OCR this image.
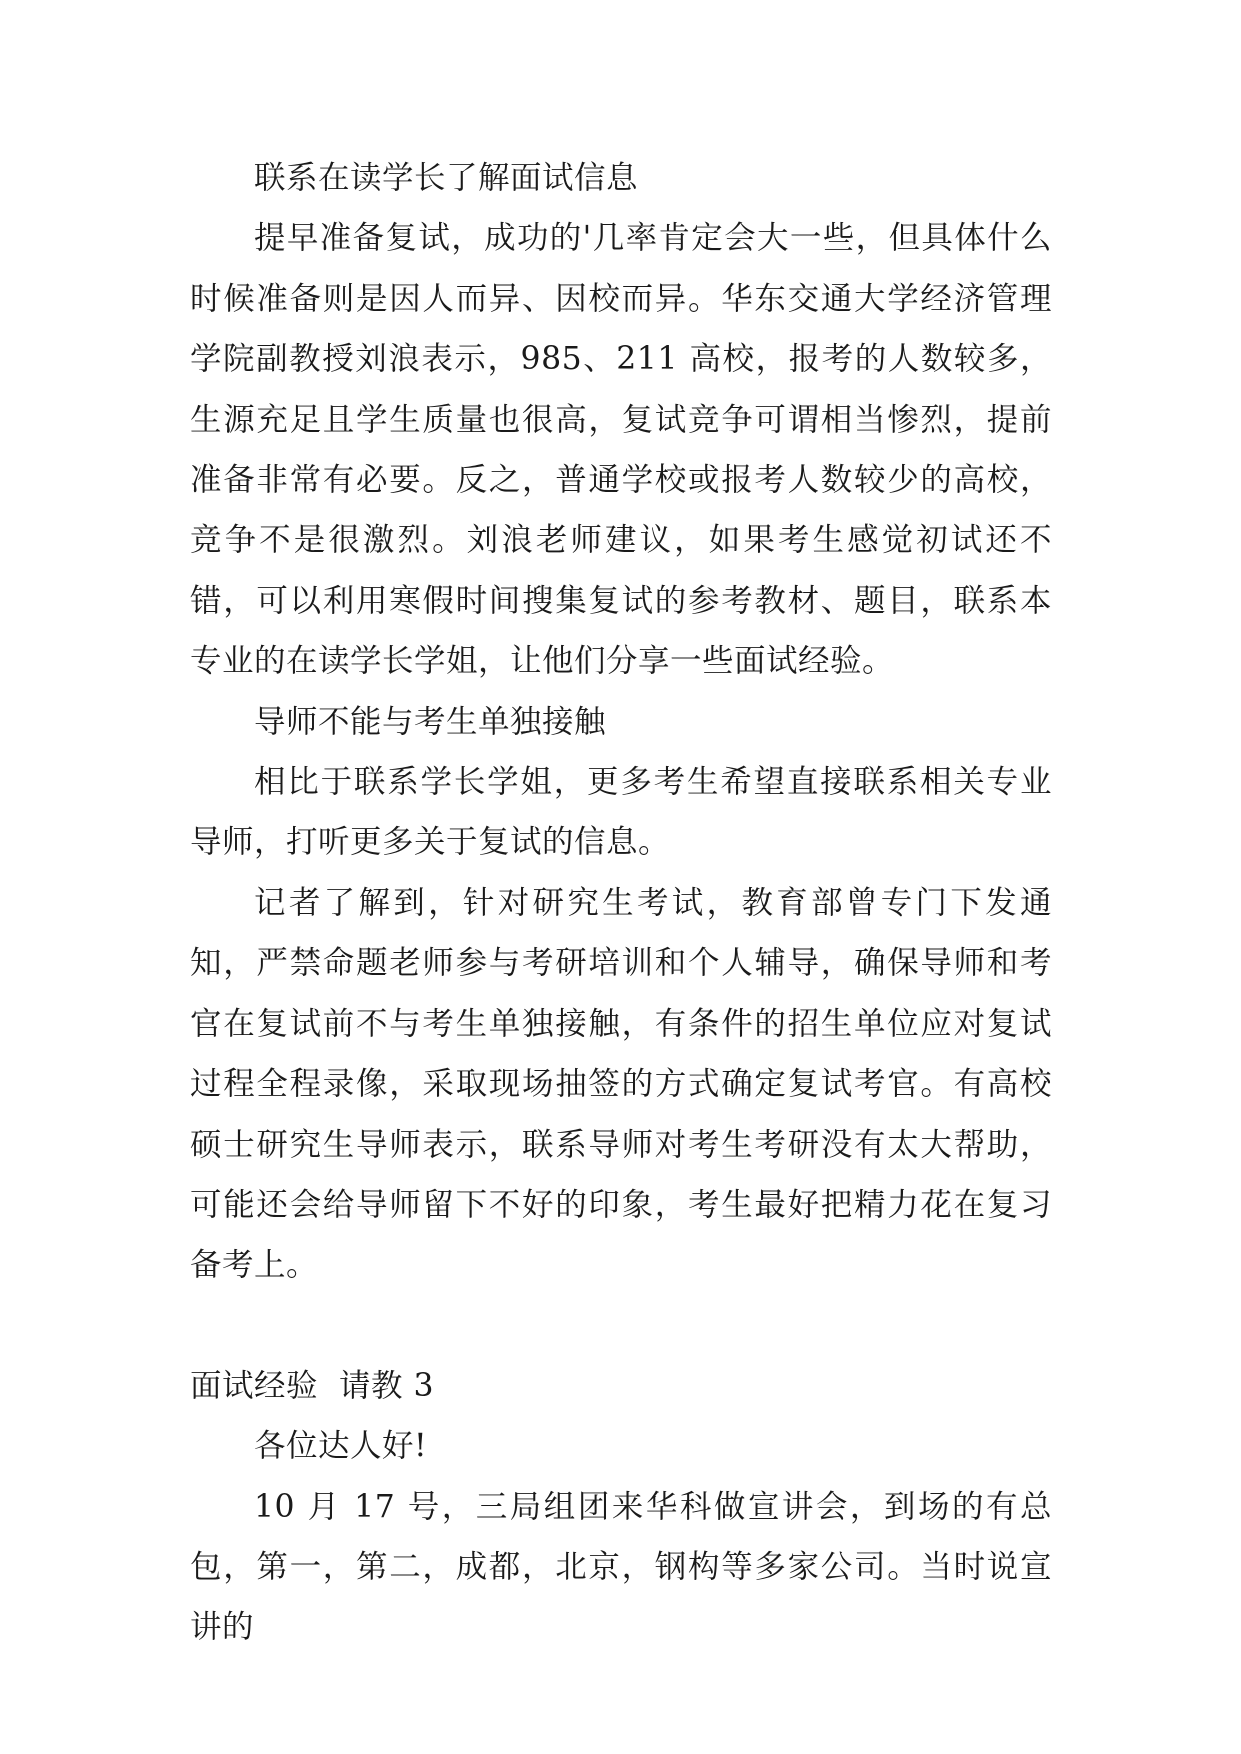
联系在读学长了解面试信息

提早准备复试，成功的'几率肯定会大一些，但具体什么时候准备则是因人而异、因校而异。华东交通大学经济管理学院副教授刘浪表示，985、211 高校，报考的人数较多，生源充足且学生质量也很高，复试竞争可谓相当惨烈，提前准备非常有必要。反之，普通学校或报考人数较少的高校，竞争不是很激烈。刘浪老师建议，如果考生感觉初试还不错，可以利用寒假时间搜集复试的参考教材、题目，联系本专业的在读学长学姐，让他们分享一些面试经验。

导师不能与考生单独接触

相比于联系学长学姐，更多考生希望直接联系相关专业导师，打听更多关于复试的信息。

记者了解到，针对研究生考试，教育部曾专门下发通知，严禁命题老师参与考研培训和个人辅导，确保导师和考官在复试前不与考生单独接触，有条件的招生单位应对复试过程全程录像，采取现场抽签的方式确定复试考官。有高校硕士研究生导师表示，联系导师对考生考研没有太大帮助，可能还会给导师留下不好的印象，考生最好把精力花在复习备考上。

面试经验  请教 3

各位达人好!

10 月 17 号，三局组团来华科做宣讲会，到场的有总包，第一，第二，成都，北京，钢构等多家公司。当时说宣讲的
